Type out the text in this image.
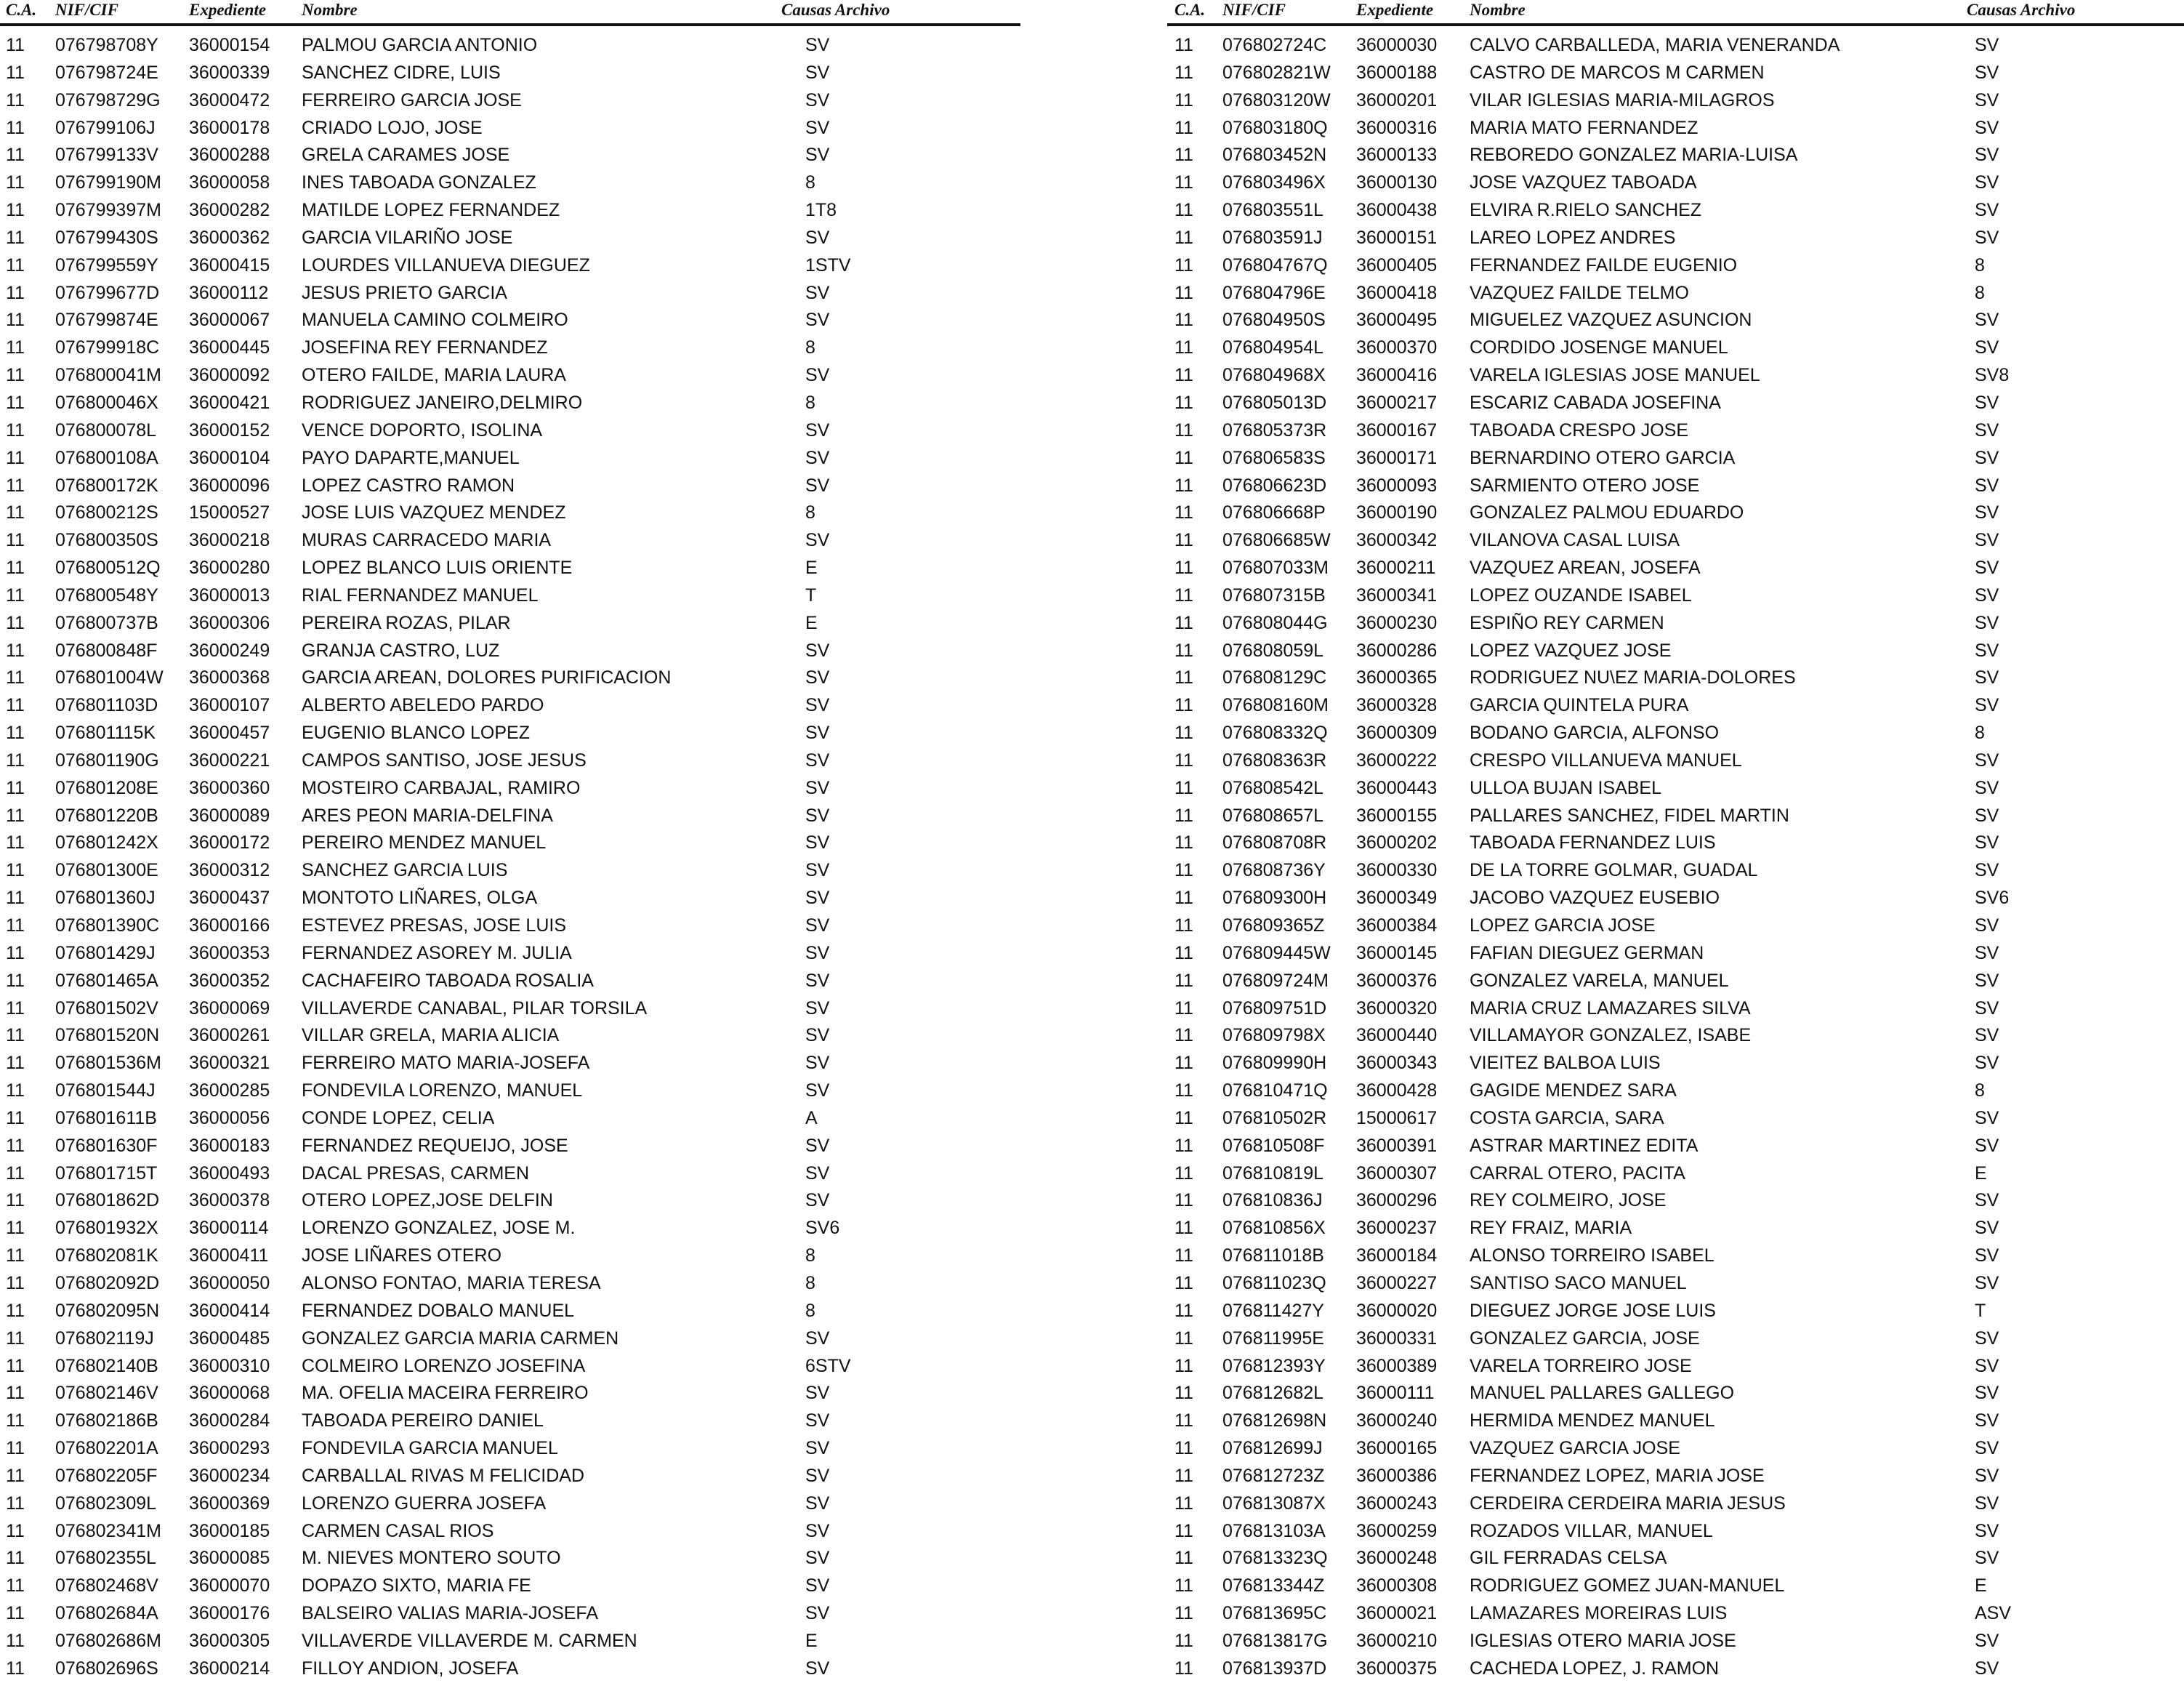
C.A. NIF/CIF	Expediente Nombre	Causas Archivo
11 076798708Y 36000154 PALMOU GARCIA ANTONIO	SV
11 076798724E 36000339 SANCHEZ CIDRE, LUIS	SV
11 076798729G 36000472 FERREIRO GARCIA JOSE	SV
11 076799106J 36000178 CRIADO LOJO, JOSE	SV
11 076799133V 36000288 GRELA CARAMES JOSE	SV
11 076799190M 36000058 INES TABOADA GONZALEZ	8
11 076799397M 36000282 MATILDE LOPEZ FERNANDEZ	1T8
11 076799430S 36000362 GARCIA VILARIÑO JOSE	SV
11 076799559Y 36000415 LOURDES VILLANUEVA DIEGUEZ	1STV
11 076799677D 36000112 JESUS PRIETO GARCIA	SV
11 076799874E 36000067 MANUELA CAMINO COLMEIRO	SV
11 076799918C 36000445 JOSEFINA REY FERNANDEZ	8
11 076800041M 36000092 OTERO FAILDE, MARIA LAURA	SV
11 076800046X 36000421 RODRIGUEZ JANEIRO,DELMIRO	8
11 076800078L 36000152 VENCE DOPORTO, ISOLINA	SV
11 076800108A 36000104 PAYO DAPARTE,MANUEL	SV
11 076800172K 36000096 LOPEZ CASTRO RAMON	SV
11 076800212S 15000527 JOSE LUIS VAZQUEZ MENDEZ	8
11 076800350S 36000218 MURAS CARRACEDO MARIA	SV
11 076800512Q 36000280 LOPEZ BLANCO LUIS ORIENTE	E
11 076800548Y 36000013 RIAL FERNANDEZ MANUEL	T
11 076800737B 36000306 PEREIRA ROZAS, PILAR	E
11 076800848F 36000249 GRANJA CASTRO, LUZ	SV
11 076801004W 36000368 GARCIA AREAN, DOLORES PURIFICACION	SV
11 076801103D 36000107 ALBERTO ABELEDO PARDO	SV
11 076801115K 36000457 EUGENIO BLANCO LOPEZ	SV
11 076801190G 36000221 CAMPOS SANTISO, JOSE JESUS	SV
11 076801208E 36000360 MOSTEIRO CARBAJAL, RAMIRO	SV
11 076801220B 36000089 ARES PEON MARIA-DELFINA	SV
11 076801242X 36000172 PEREIRO MENDEZ MANUEL	SV
11 076801300E 36000312 SANCHEZ GARCIA LUIS	SV
11 076801360J 36000437 MONTOTO LIÑARES, OLGA	SV
11 076801390C 36000166 ESTEVEZ PRESAS, JOSE LUIS	SV
11 076801429J 36000353 FERNANDEZ ASOREY M. JULIA	SV
11 076801465A 36000352 CACHAFEIRO TABOADA ROSALIA	SV
11 076801502V 36000069 VILLAVERDE CANABAL, PILAR TORSILA	SV
11 076801520N 36000261 VILLAR GRELA, MARIA ALICIA	SV
11 076801536M 36000321 FERREIRO MATO MARIA-JOSEFA	SV
11 076801544J 36000285 FONDEVILA LORENZO, MANUEL	SV
11 076801611B 36000056 CONDE LOPEZ, CELIA	A
11 076801630F 36000183 FERNANDEZ REQUEIJO, JOSE	SV
11 076801715T 36000493 DACAL PRESAS, CARMEN	SV
11 076801862D 36000378 OTERO LOPEZ,JOSE DELFIN	SV
11 076801932X 36000114 LORENZO GONZALEZ, JOSE M.	SV6
11 076802081K 36000411 JOSE LIÑARES OTERO	8
11 076802092D 36000050 ALONSO FONTAO, MARIA TERESA	8
11 076802095N 36000414 FERNANDEZ DOBALO MANUEL	8
11 076802119J 36000485 GONZALEZ GARCIA MARIA CARMEN	SV
11 076802140B 36000310 COLMEIRO LORENZO JOSEFINA	6STV
11 076802146V 36000068 MA. OFELIA MACEIRA FERREIRO	SV
11 076802186B 36000284 TABOADA PEREIRO DANIEL	SV
11 076802201A 36000293 FONDEVILA GARCIA MANUEL	SV
11 076802205F 36000234 CARBALLAL RIVAS M FELICIDAD	SV
11 076802309L 36000369 LORENZO GUERRA JOSEFA	SV
11 076802341M 36000185 CARMEN CASAL RIOS	SV
11 076802355L 36000085 M. NIEVES MONTERO SOUTO	SV
11 076802468V 36000070 DOPAZO SIXTO, MARIA FE	SV
11 076802684A 36000176 BALSEIRO VALIAS MARIA-JOSEFA	SV
11 076802686M 36000305 VILLAVERDE VILLAVERDE M. CARMEN	E
11 076802696S 36000214 FILLOY ANDION, JOSEFA	SV
C.A. NIF/CIF	Expediente Nombre	Causas Archivo
11 076802724C 36000030 CALVO CARBALLEDA, MARIA VENERANDA	SV
11 076802821W 36000188 CASTRO DE MARCOS M CARMEN	SV
11 076803120W 36000201 VILAR IGLESIAS MARIA-MILAGROS	SV
11 076803180Q 36000316 MARIA MATO FERNANDEZ	SV
11 076803452N 36000133 REBOREDO GONZALEZ MARIA-LUISA	SV
11 076803496X 36000130 JOSE VAZQUEZ TABOADA	SV
11 076803551L 36000438 ELVIRA R.RIELO SANCHEZ	SV
11 076803591J 36000151 LAREO LOPEZ ANDRES	SV
11 076804767Q 36000405 FERNANDEZ FAILDE EUGENIO	8
11 076804796E 36000418 VAZQUEZ FAILDE TELMO	8
11 076804950S 36000495 MIGUELEZ VAZQUEZ ASUNCION	SV
11 076804954L 36000370 CORDIDO JOSENGE MANUEL	SV
11 076804968X 36000416 VARELA IGLESIAS JOSE MANUEL	SV8
11 076805013D 36000217 ESCARIZ CABADA JOSEFINA	SV
11 076805373R 36000167 TABOADA CRESPO JOSE	SV
11 076806583S 36000171 BERNARDINO OTERO GARCIA	SV
11 076806623D 36000093 SARMIENTO OTERO JOSE	SV
11 076806668P 36000190 GONZALEZ PALMOU EDUARDO	SV
11 076806685W 36000342 VILANOVA CASAL LUISA	SV
11 076807033M 36000211 VAZQUEZ AREAN, JOSEFA	SV
11 076807315B 36000341 LOPEZ OUZANDE ISABEL	SV
11 076808044G 36000230 ESPIÑO REY CARMEN	SV
11 076808059L 36000286 LOPEZ VAZQUEZ JOSE	SV
11 076808129C 36000365 RODRIGUEZ NU\EZ MARIA-DOLORES	SV
11 076808160M 36000328 GARCIA QUINTELA PURA	SV
11 076808332Q 36000309 BODANO GARCIA, ALFONSO	8
11 076808363R 36000222 CRESPO VILLANUEVA MANUEL	SV
11 076808542L 36000443 ULLOA BUJAN ISABEL	SV
11 076808657L 36000155 PALLARES SANCHEZ, FIDEL MARTIN	SV
11 076808708R 36000202 TABOADA FERNANDEZ LUIS	SV
11 076808736Y 36000330 DE LA TORRE GOLMAR, GUADAL	SV
11 076809300H 36000349 JACOBO VAZQUEZ EUSEBIO	SV6
11 076809365Z 36000384 LOPEZ GARCIA JOSE	SV
11 076809445W 36000145 FAFIAN DIEGUEZ GERMAN	SV
11 076809724M 36000376 GONZALEZ VARELA, MANUEL	SV
11 076809751D 36000320 MARIA CRUZ LAMAZARES SILVA	SV
11 076809798X 36000440 VILLAMAYOR GONZALEZ, ISABE	SV
11 076809990H 36000343 VIEITEZ BALBOA LUIS	SV
11 076810471Q 36000428 GAGIDE MENDEZ SARA	8
11 076810502R 15000617 COSTA GARCIA, SARA	SV
11 076810508F 36000391 ASTRAR MARTINEZ EDITA	SV
11 076810819L 36000307 CARRAL OTERO, PACITA	E
11 076810836J 36000296 REY COLMEIRO, JOSE	SV
11 076810856X 36000237 REY FRAIZ, MARIA	SV
11 076811018B 36000184 ALONSO TORREIRO ISABEL	SV
11 076811023Q 36000227 SANTISO SACO MANUEL	SV
11 076811427Y 36000020 DIEGUEZ JORGE JOSE LUIS	T
11 076811995E 36000331 GONZALEZ GARCIA, JOSE	SV
11 076812393Y 36000389 VARELA TORREIRO JOSE	SV
11 076812682L 36000111 MANUEL PALLARES GALLEGO	SV
11 076812698N 36000240 HERMIDA MENDEZ MANUEL	SV
11 076812699J 36000165 VAZQUEZ GARCIA JOSE	SV
11 076812723Z 36000386 FERNANDEZ LOPEZ, MARIA JOSE	SV
11 076813087X 36000243 CERDEIRA CERDEIRA MARIA JESUS	SV
11 076813103A 36000259 ROZADOS VILLAR, MANUEL	SV
11 076813323Q 36000248 GIL FERRADAS CELSA	SV
11 076813344Z 36000308 RODRIGUEZ GOMEZ JUAN-MANUEL	E
11 076813695C 36000021 LAMAZARES MOREIRAS LUIS	ASV
11 076813817G 36000210 IGLESIAS OTERO MARIA JOSE	SV
11 076813937D 36000375 CACHEDA LOPEZ, J. RAMON	SV
